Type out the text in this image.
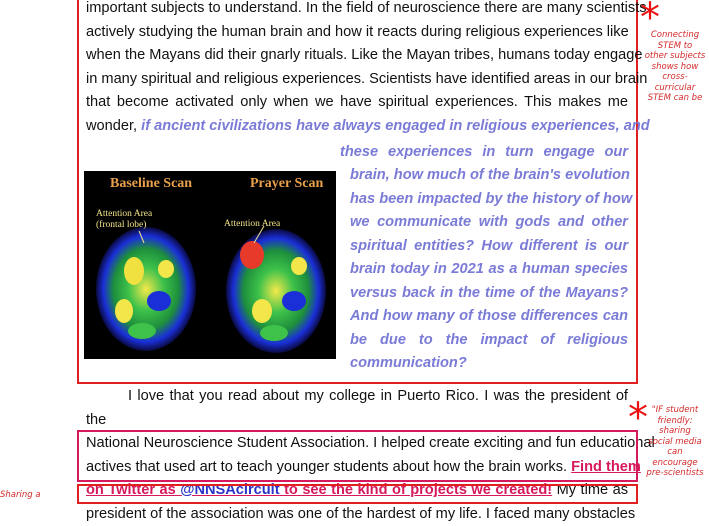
important subjects to understand. In the field of neuroscience there are many scientists
actively studying the human brain and how it reacts during religious experiences like
when the Mayans did their gnarly rituals. Like the Mayan tribes, humans today engage
in many spiritual and religious experiences. Scientists have identified areas in our brain
that become activated only when we have spiritual experiences. This makes me
wonder, if ancient civilizations have always engaged in religious experiences, and
these experiences in turn engage our
brain, how much of the brain's evolution
has been impacted by the history of how
we communicate with gods and other
spiritual entities? How different is our
brain today in 2021 as a human species
versus back in the time of the Mayans?
And how many of those differences can
be due to the impact of religious
communication?
Baseline Scan	Prayer Scan
Attention Area
(frontal lobe)	Attention Area
I love that you read about my college in Puerto Rico. I was the president of the
National Neuroscience Student Association. I helped create exciting and fun educational
actives that used art to teach younger students about how the brain works. Find them
on Twitter as @NNSAcircuit to see the kind of projects we created! My time as
president of the association was one of the hardest of my life. I faced many obstacles
*
Connecting
STEM to
other subjects
shows how
cross-
curricular
STEM can be
* "IF student
friendly:
sharing
social media
can
encourage
pre-scientists
Sharing a
